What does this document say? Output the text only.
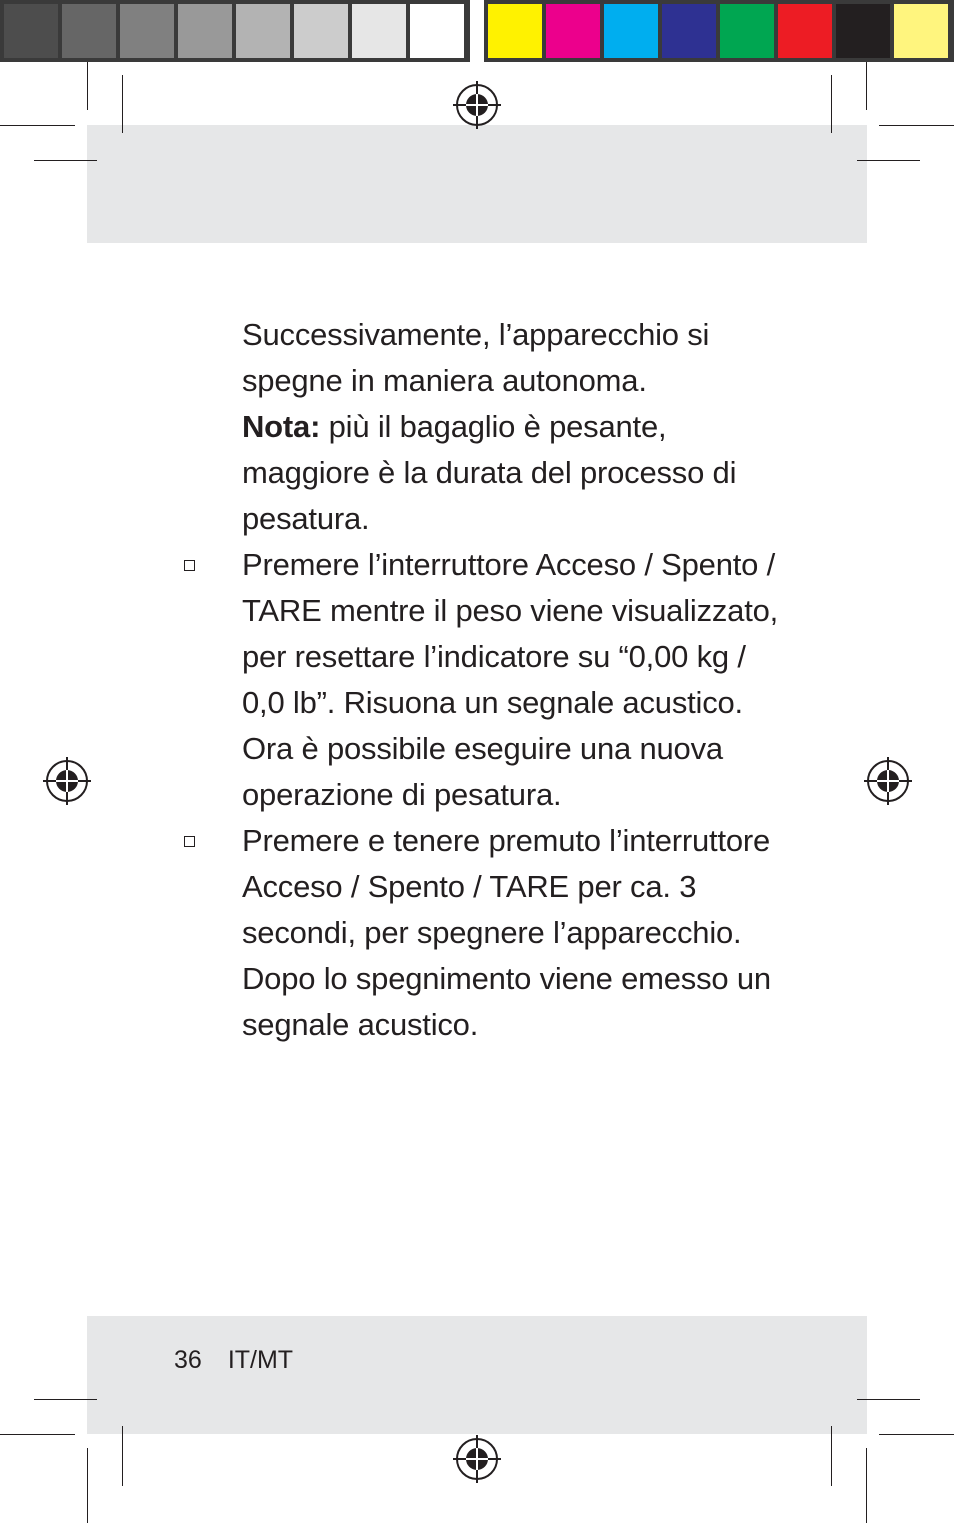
Successivamente, l’apparecchio si spegne in maniera autonoma.

Nota: più il bagaglio è pesante, maggiore è la durata del processo di pesatura.

Premere l’interruttore Acceso / Spento / TARE mentre il peso viene visualizzato, per resettare l’indicatore su “0,00 kg / 0,0 lb”. Risuona un segnale acustico. Ora è possibile eseguire una nuova operazione di pesatura.

Premere e tenere premuto l’interruttore Acceso / Spento / TARE per ca. 3 secondi, per spegnere l’apparecchio. Dopo lo spegnimento viene emesso un segnale acustico.

36 IT/MT
